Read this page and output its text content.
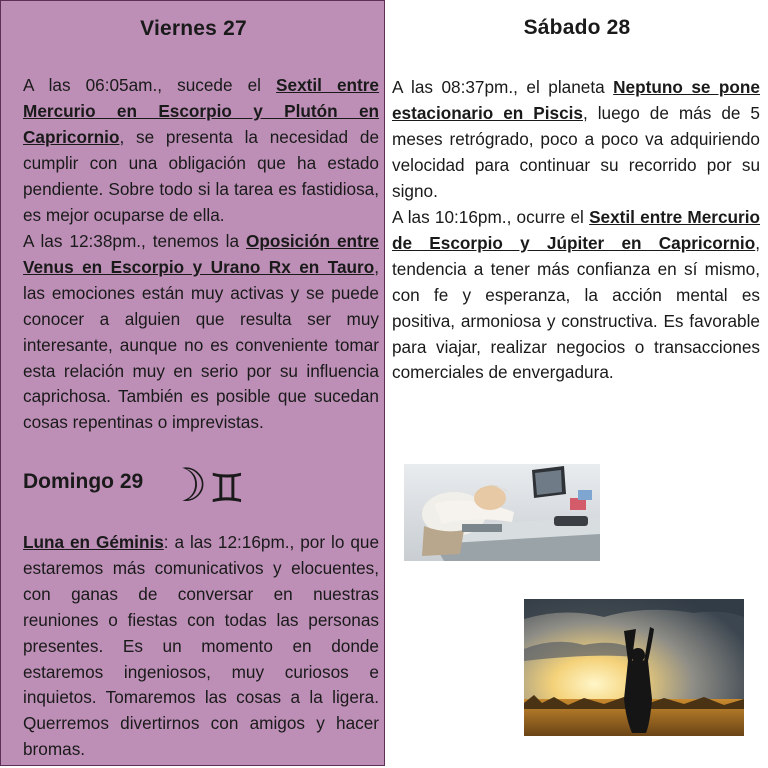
Viernes 27
A las 06:05am., sucede el Sextil entre Mercurio en Escorpio y Plutón en Capricornio, se presenta la necesidad de cumplir con una obligación que ha estado pendiente. Sobre todo si la tarea es fastidiosa, es mejor ocuparse de ella.
A las 12:38pm., tenemos la Oposición entre Venus en Escorpio y Urano Rx en Tauro, las emociones están muy activas y se puede conocer a alguien que resulta ser muy interesante, aunque no es conveniente tomar esta relación muy en serio por su influencia caprichosa. También es posible que sucedan cosas repentinas o imprevistas.
Domingo 29 ☽ ♊
Luna en Géminis: a las 12:16pm., por lo que estaremos más comunicativos y elocuentes, con ganas de conversar en nuestras reuniones o fiestas con todas las personas presentes. Es un momento en donde estaremos ingeniosos, muy curiosos e inquietos. Tomaremos las cosas a la ligera. Querremos divertirnos con amigos y hacer bromas.
Sábado 28
A las 08:37pm., el planeta Neptuno se pone estacionario en Piscis, luego de más de 5 meses retrógrado, poco a poco va adquiriendo velocidad para continuar su recorrido por su signo.
A las 10:16pm., ocurre el Sextil entre Mercurio de Escorpio y Júpiter en Capricornio, tendencia a tener más confianza en sí mismo, con fe y esperanza, la acción mental es positiva, armoniosa y constructiva. Es favorable para viajar, realizar negocios o transacciones comerciales de envergadura.
